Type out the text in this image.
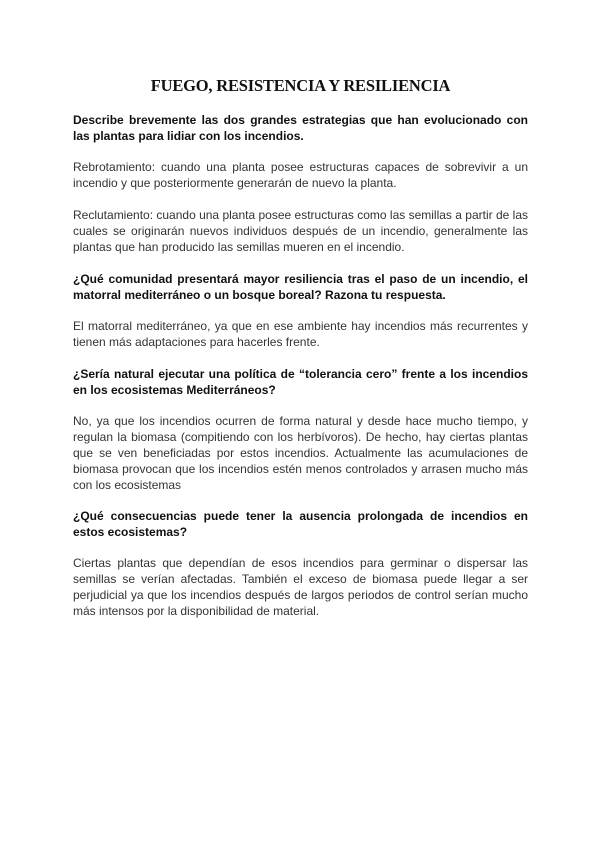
FUEGO, RESISTENCIA Y RESILIENCIA

Describe brevemente las dos grandes estrategias que han evolucionado con las plantas para lidiar con los incendios.

Rebrotamiento: cuando una planta posee estructuras capaces de sobrevivir a un incendio y que posteriormente generarán de nuevo la planta.

Reclutamiento: cuando una planta posee estructuras como las semillas a partir de las cuales se originarán nuevos individuos después de un incendio, generalmente las plantas que han producido las semillas mueren en el incendio.

¿Qué comunidad presentará mayor resiliencia tras el paso de un incendio, el matorral mediterráneo o un bosque boreal? Razona tu respuesta.

El matorral mediterráneo, ya que en ese ambiente hay incendios más recurrentes y tienen más adaptaciones para hacerles frente.

¿Sería natural ejecutar una política de “tolerancia cero” frente a los incendios en los ecosistemas Mediterráneos?

No, ya que los incendios ocurren de forma natural y desde hace mucho tiempo, y regulan la biomasa (compitiendo con los herbívoros). De hecho, hay ciertas plantas que se ven beneficiadas por estos incendios. Actualmente las acumulaciones de biomasa provocan que los incendios estén menos controlados y arrasen mucho más con los ecosistemas

¿Qué consecuencias puede tener la ausencia prolongada de incendios en estos ecosistemas?

Ciertas plantas que dependían de esos incendios para germinar o dispersar las semillas se verían afectadas. También el exceso de biomasa puede llegar a ser perjudicial ya que los incendios después de largos periodos de control serían mucho más intensos por la disponibilidad de material.
